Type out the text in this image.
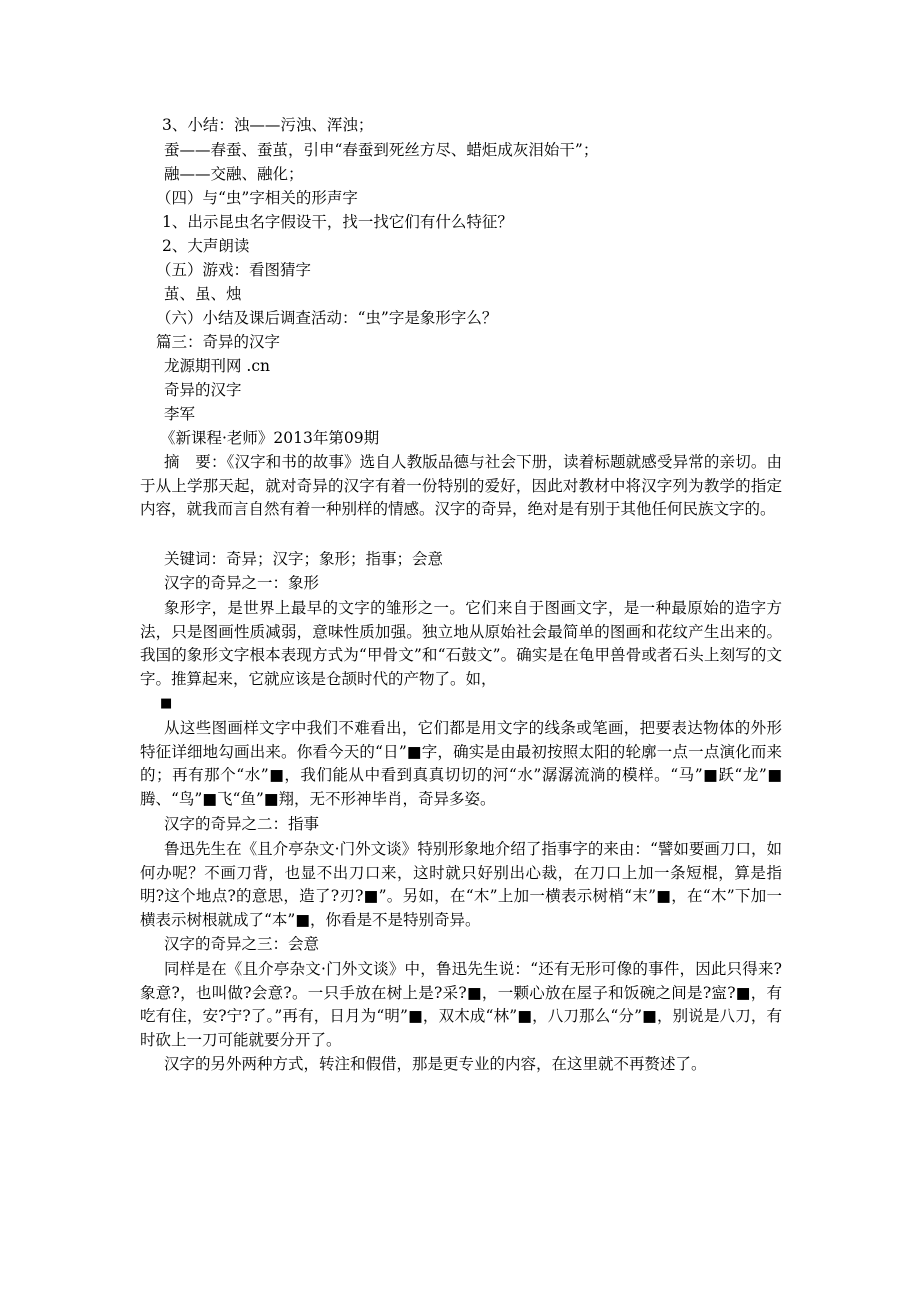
3、小结：浊——污浊、浑浊；
蚕——春蚕、蚕茧，引申“春蚕到死丝方尽、蜡炬成灰泪始干”；
融——交融、融化；
（四）与“虫”字相关的形声字
1、出示昆虫名字假设干，找一找它们有什么特征？
2、大声朗读
（五）游戏：看图猜字
茧、虽、烛
（六）小结及课后调查活动：“虫”字是象形字么？
篇三：奇异的汉字
龙源期刊网 .cn
奇异的汉字
李军
《新课程·老师》2013年第09期
摘　要：《汉字和书的故事》选自人教版品德与社会下册，读着标题就感受异常的亲切。由于从上学那天起，就对奇异的汉字有着一份特别的爱好，因此对教材中将汉字列为教学的指定内容，就我而言自然有着一种别样的情感。汉字的奇异，绝对是有别于其他任何民族文字的。
关键词：奇异；汉字；象形；指事；会意
汉字的奇异之一：象形
象形字，是世界上最早的文字的雏形之一。它们来自于图画文字，是一种最原始的造字方法，只是图画性质减弱，意味性质加强。独立地从原始社会最简单的图画和花纹产生出来的。我国的象形文字根本表现方式为“甲骨文”和“石鼓文”。确实是在龟甲兽骨或者石头上刻写的文字。推算起来，它就应该是仓颉时代的产物了。如，
■
从这些图画样文字中我们不难看出，它们都是用文字的线条或笔画，把要表达物体的外形特征详细地勾画出来。你看今天的“日”■字，确实是由最初按照太阳的轮廓一点一点演化而来的；再有那个“水”■，我们能从中看到真真切切的河“水”潺潺流淌的模样。“马”■跃“龙”■腾、“鸟”■飞“鱼”■翔，无不形神毕肖，奇异多姿。
汉字的奇异之二：指事
鲁迅先生在《且介亭杂文·门外文谈》特别形象地介绍了指事字的来由：“譬如要画刀口，如何办呢？不画刀背，也显不出刀口来，这时就只好别出心裁，在刀口上加一条短棍，算是指明?这个地点?的意思，造了?刃?■”。另如，在“木”上加一横表示树梢“末”■，在“木”下加一横表示树根就成了“本”■，你看是不是特别奇异。
汉字的奇异之三：会意
同样是在《且介亭杂文·门外文谈》中，鲁迅先生说：“还有无形可像的事件，因此只得来?象意?，也叫做?会意?。一只手放在树上是?采?■，一颗心放在屋子和饭碗之间是?寍?■，有吃有住，安?宁?了。”再有，日月为“明”■，双木成“林”■，八刀那么“分”■，别说是八刀，有时砍上一刀可能就要分开了。
汉字的另外两种方式，转注和假借，那是更专业的内容，在这里就不再赘述了。
